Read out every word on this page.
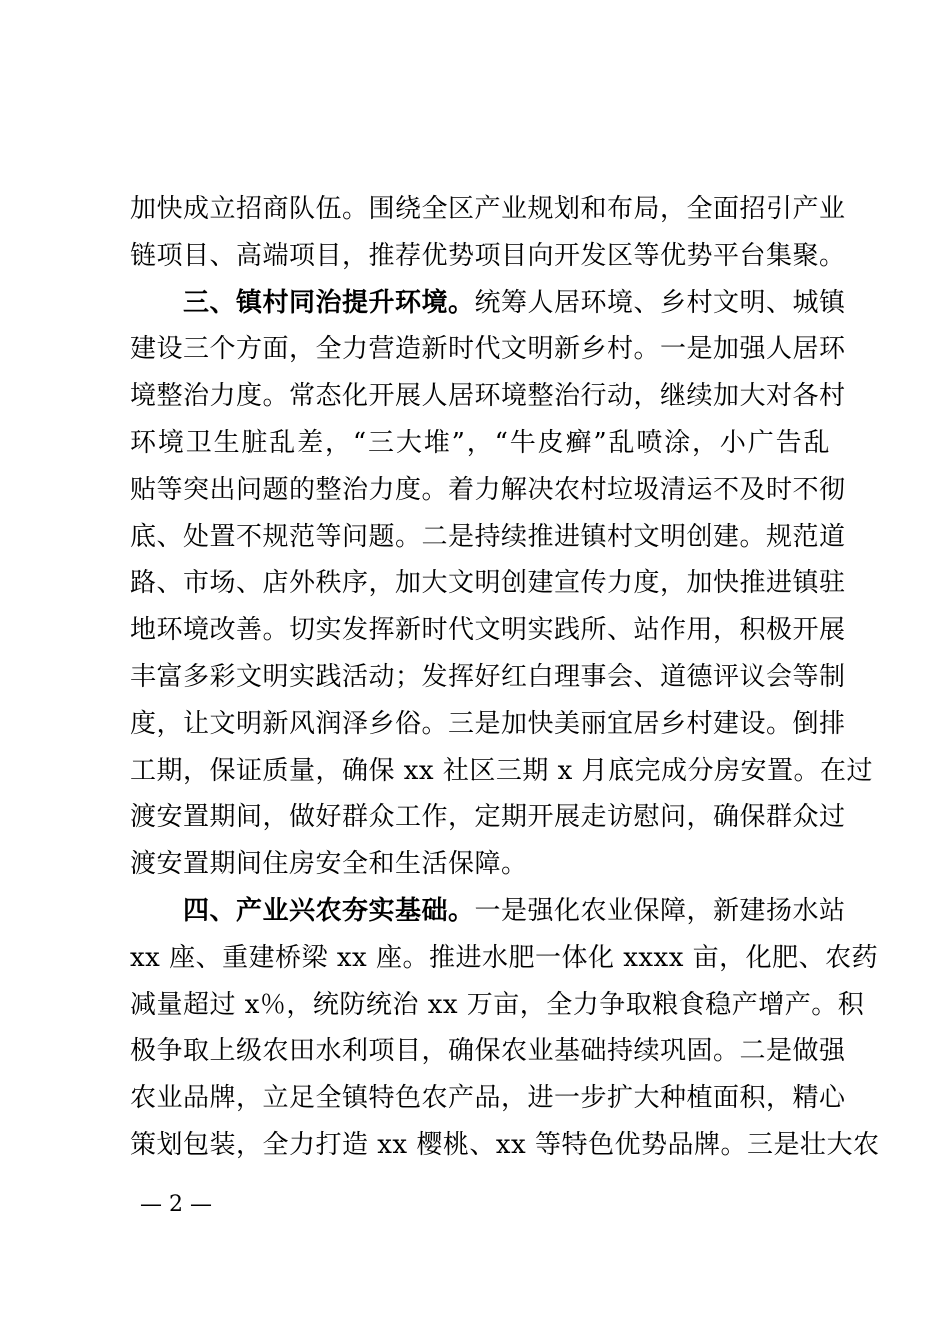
加快成立招商队伍。围绕全区产业规划和布局，全面招引产业
链项目、高端项目，推荐优势项目向开发区等优势平台集聚。
  三、镇村同治提升环境。统筹人居环境、乡村文明、城镇
建设三个方面，全力营造新时代文明新乡村。一是加强人居环
境整治力度。常态化开展人居环境整治行动，继续加大对各村
环境卫生脏乱差，“三大堆”，“牛皮癣”乱喷涂，小广告乱
贴等突出问题的整治力度。着力解决农村垃圾清运不及时不彻
底、处置不规范等问题。二是持续推进镇村文明创建。规范道
路、市场、店外秩序，加大文明创建宣传力度，加快推进镇驻
地环境改善。切实发挥新时代文明实践所、站作用，积极开展
丰富多彩文明实践活动；发挥好红白理事会、道德评议会等制
度，让文明新风润泽乡俗。三是加快美丽宜居乡村建设。倒排
工期，保证质量，确保 xx 社区三期 x 月底完成分房安置。在过
渡安置期间，做好群众工作，定期开展走访慰问，确保群众过
渡安置期间住房安全和生活保障。
  四、产业兴农夯实基础。一是强化农业保障，新建扬水站
xx 座、重建桥梁 xx 座。推进水肥一体化 xxxx 亩，化肥、农药
减量超过 x％，统防统治 xx 万亩，全力争取粮食稳产增产。积
极争取上级农田水利项目，确保农业基础持续巩固。二是做强
农业品牌，立足全镇特色农产品，进一步扩大种植面积，精心
策划包装，全力打造 xx 樱桃、xx 等特色优势品牌。三是壮大农
— 2 —
